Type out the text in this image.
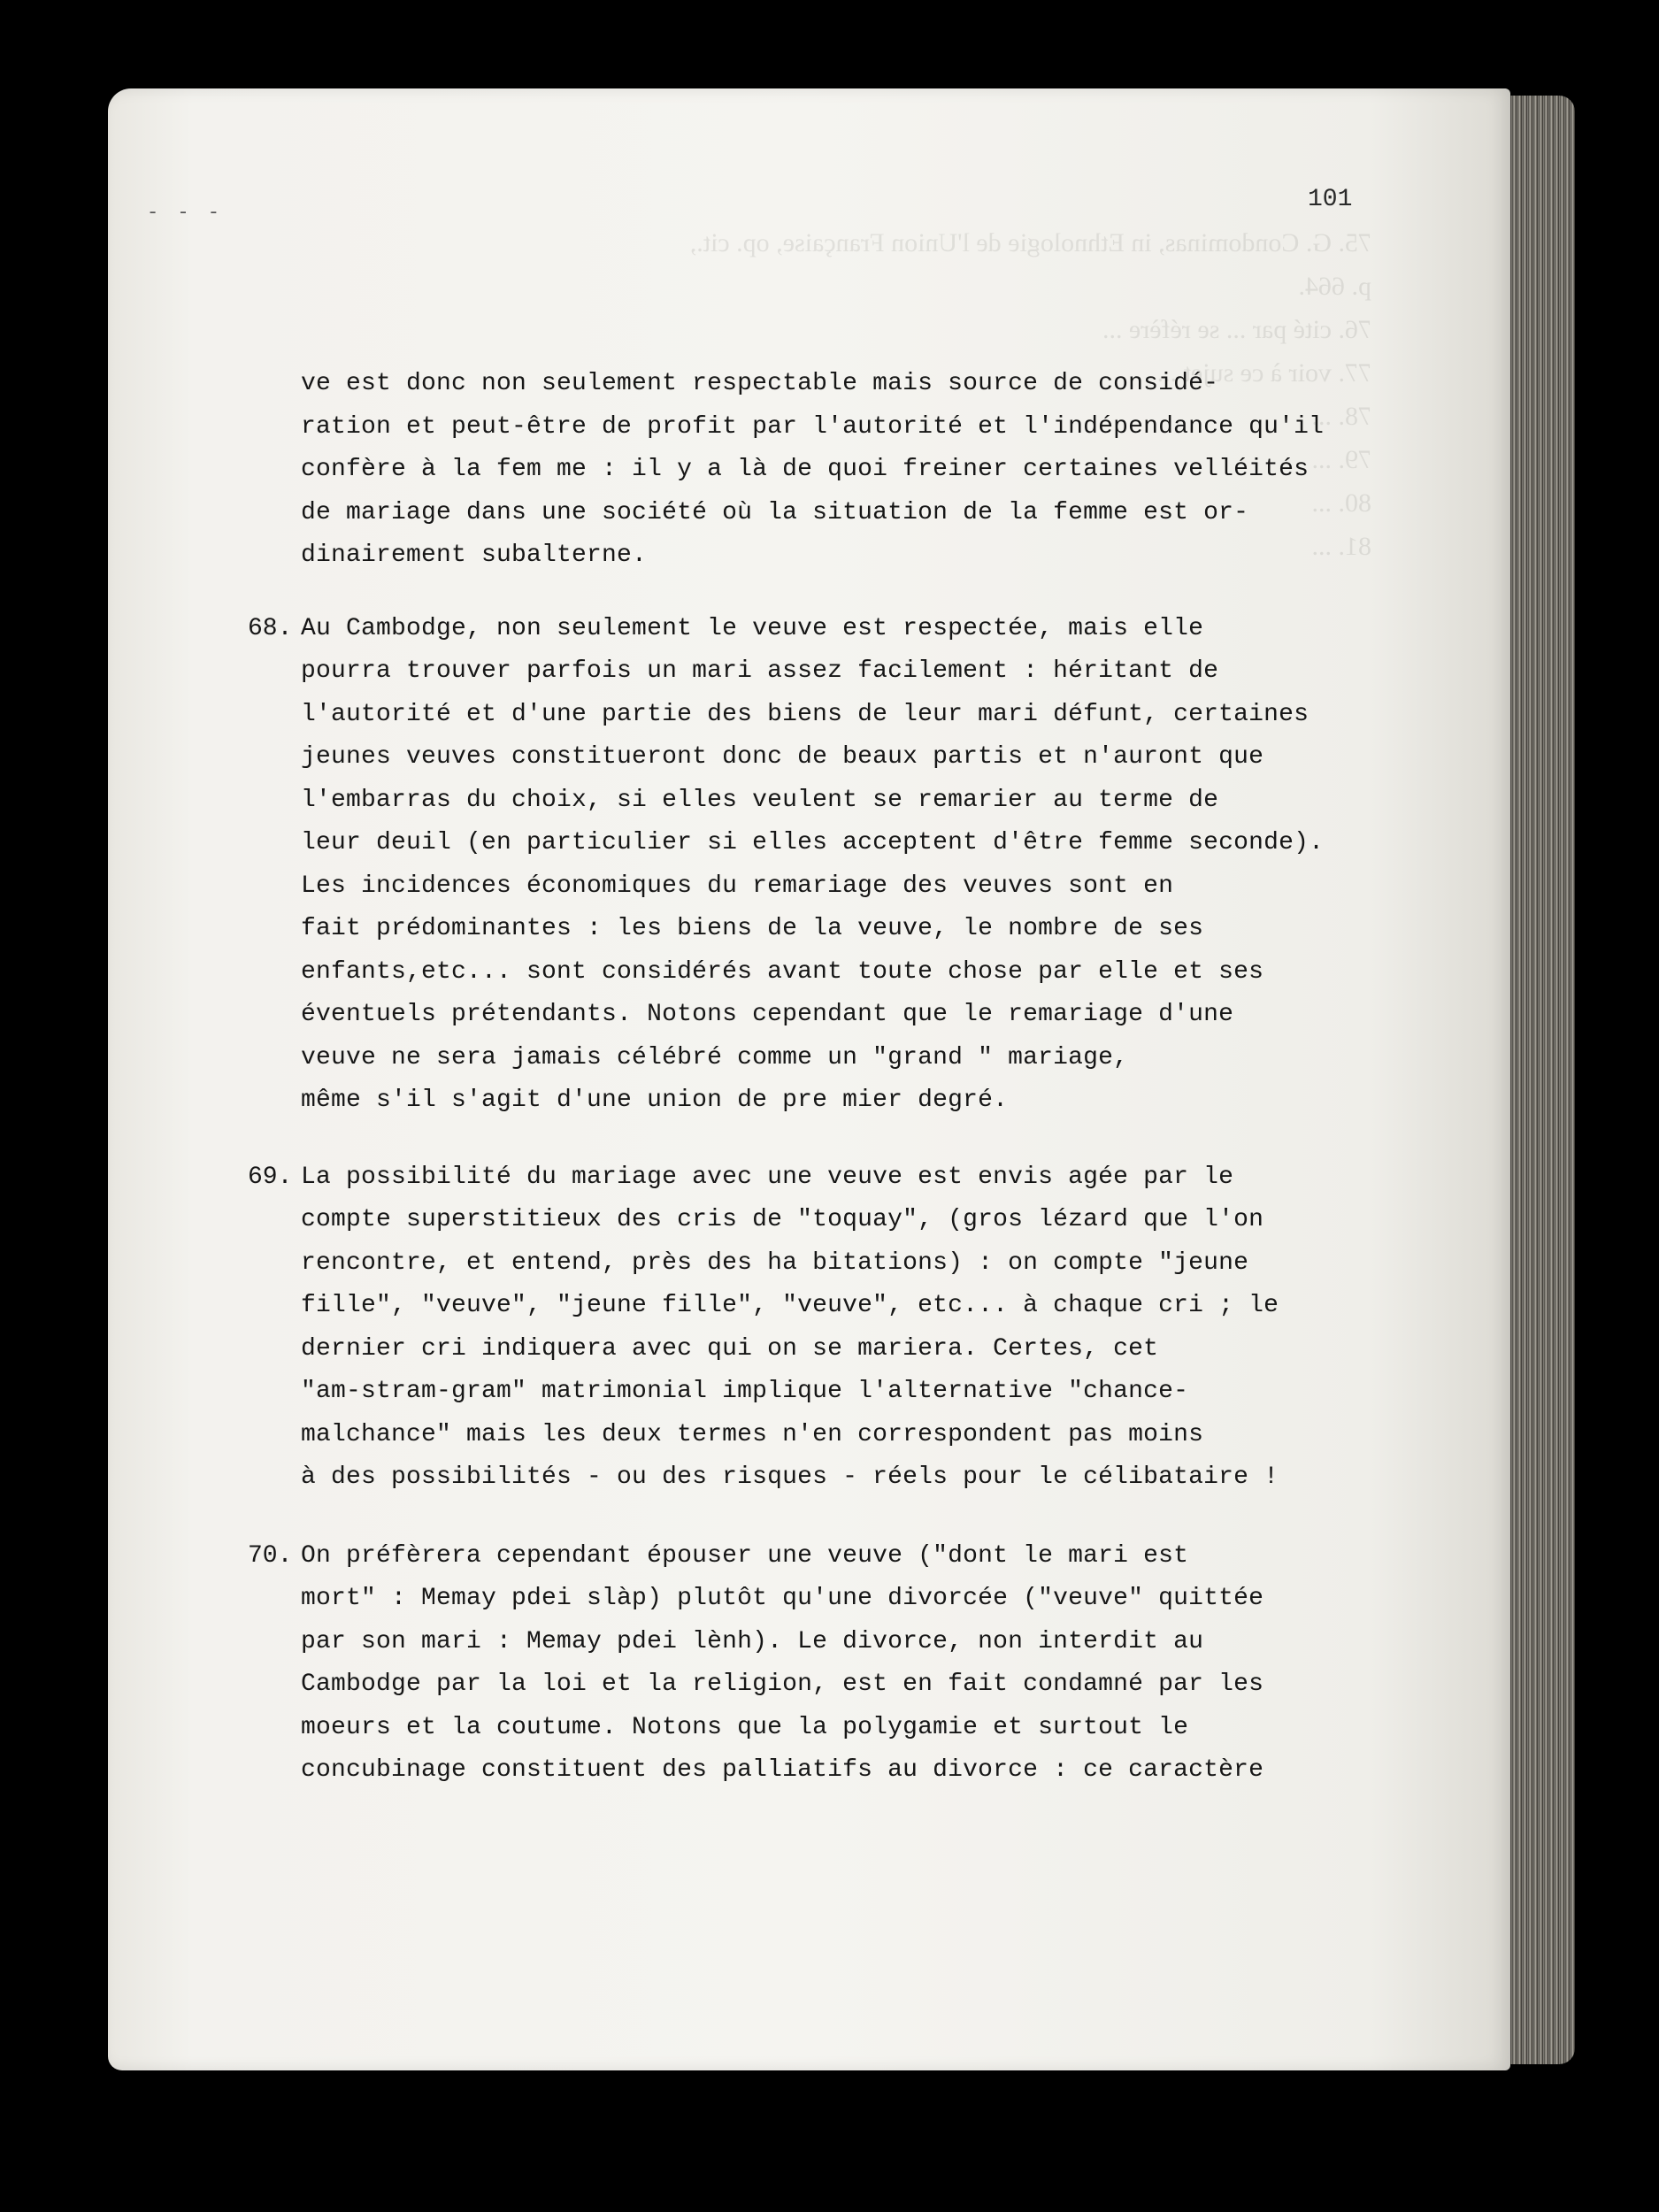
- - -	101
ve est donc non seulement respectable mais source de considé-
ration et peut-être de profit par l'autorité et l'indépendance qu'il
confère à la fem me : il y a là de quoi freiner certaines velléités
de mariage dans une société où la situation de la femme est or-
dinairement subalterne.
68. Au Cambodge, non seulement le veuve est respectée, mais elle
pourra trouver parfois un mari assez facilement : héritant de
l'autorité et d'une partie des biens de leur mari défunt, certaines
jeunes veuves constitueront donc de beaux partis et n'auront que
l'embarras du choix, si elles veulent se remarier au terme de
leur deuil (en particulier si elles acceptent d'être femme seconde).
Les incidences économiques du remariage des veuves sont en
fait prédominantes : les biens de la veuve, le nombre de ses
enfants,etc... sont considérés avant toute chose par elle et ses
éventuels prétendants. Notons cependant que le remariage d'une
veuve ne sera jamais célébré comme un "grand " mariage,
même s'il s'agit d'une union de pre mier degré.
69. La possibilité du mariage avec une veuve est envis agée par le
compte superstitieux des cris de "toquay", (gros lézard que l'on
rencontre, et entend, près des ha bitations) : on compte "jeune
fille", "veuve", "jeune fille", "veuve", etc... à chaque cri ; le
dernier cri indiquera avec qui on se mariera. Certes, cet
"am-stram-gram" matrimonial implique l'alternative "chance-
malchance" mais les deux termes n'en correspondent pas moins
à des possibilités - ou des risques - réels pour le célibataire !
70. On préfèrera cependant épouser une veuve ("dont le mari est
mort" : Memay pdei slàp) plutôt qu'une divorcée ("veuve" quittée
par son mari : Memay pdei lènh). Le divorce, non interdit au
Cambodge par la loi et la religion, est en fait condamné par les
moeurs et la coutume. Notons que la polygamie et surtout le
concubinage constituent des palliatifs au divorce : ce caractère
